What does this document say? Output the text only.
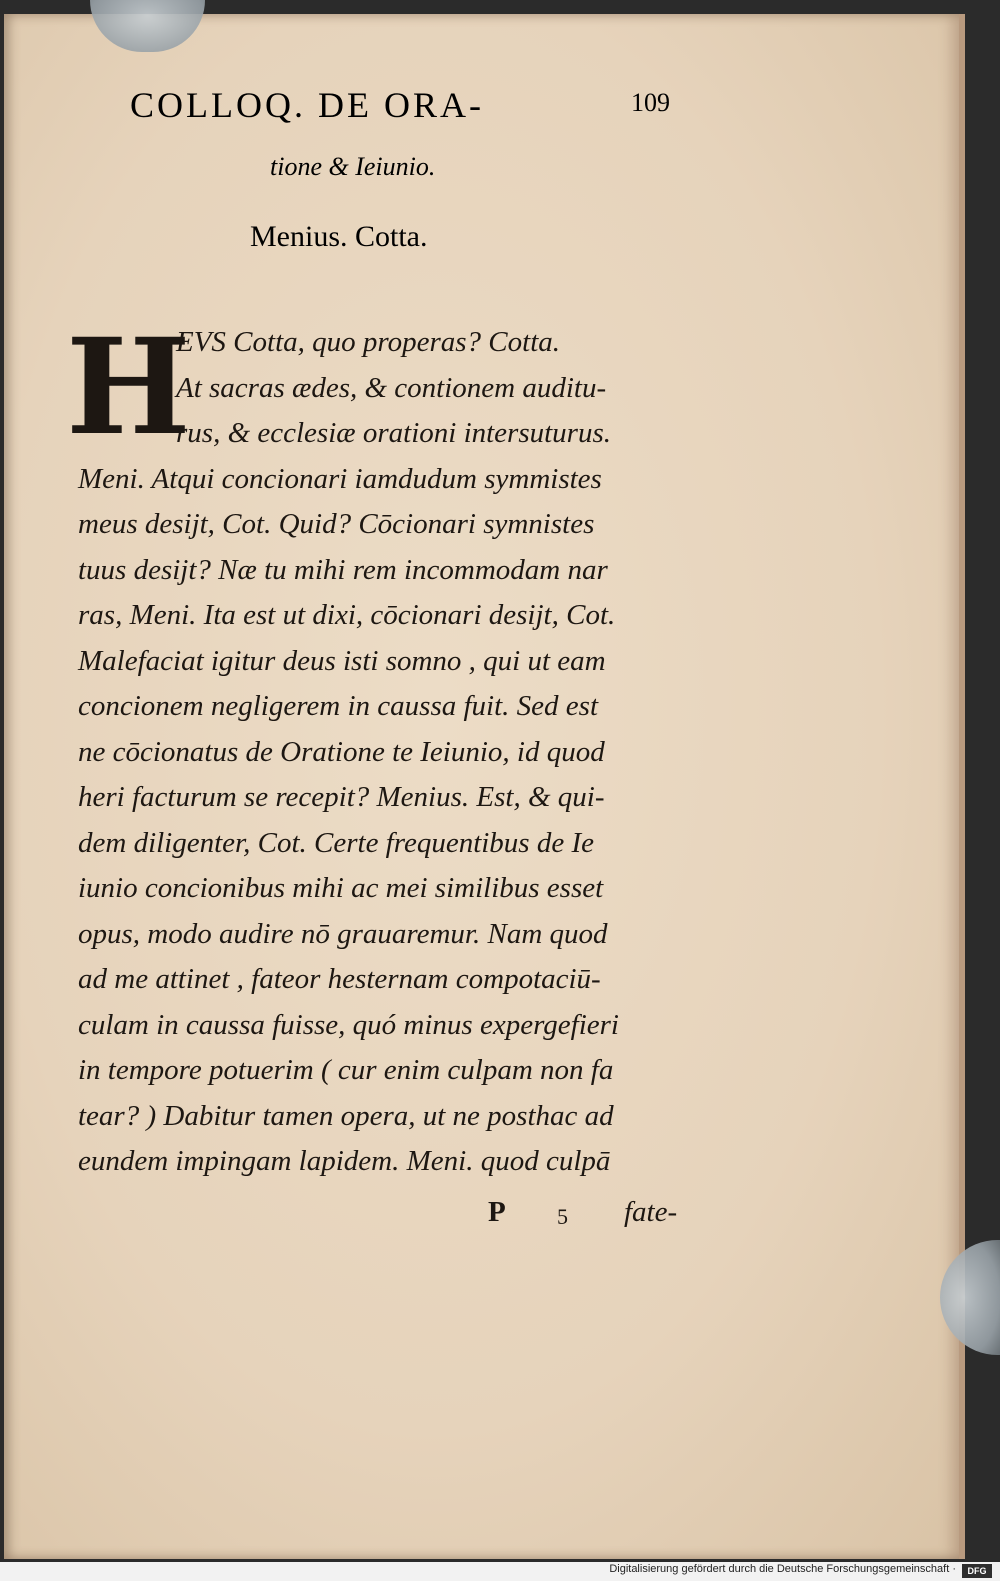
COLLOQ. DE ORA-	109
tione & Ieiunio.
Menius. Cotta.
H
EVS Cotta, quo properas? Cotta.
At sacras ædes, & contionem auditu-
rus, & ecclesiæ orationi intersuturus.
Meni. Atqui concionari iamdudum symmistes
meus desijt, Cot. Quid? Cōcionari symnistes
tuus desijt? Næ tu mihi rem incommodam nar
ras, Meni. Ita est ut dixi, cōcionari desijt, Cot.
Malefaciat igitur deus isti somno , qui ut eam
concionem negligerem in caussa fuit. Sed est
ne cōcionatus de Oratione te Ieiunio, id quod
heri facturum se recepit? Menius. Est, & qui-
dem diligenter, Cot. Certe frequentibus de Ie
iunio concionibus mihi ac mei similibus esset
opus, modo audire nō grauaremur. Nam quod
ad me attinet , fateor hesternam compotaciū-
culam in caussa fuisse, quó minus expergefieri
in tempore potuerim ( cur enim culpam non fa
tear? ) Dabitur tamen opera, ut ne posthac ad
eundem impingam lapidem. Meni. quod culpā
P 5 fate-
Digitalisierung gefördert durch die Deutsche Forschungsgemeinschaft ·	DFG
